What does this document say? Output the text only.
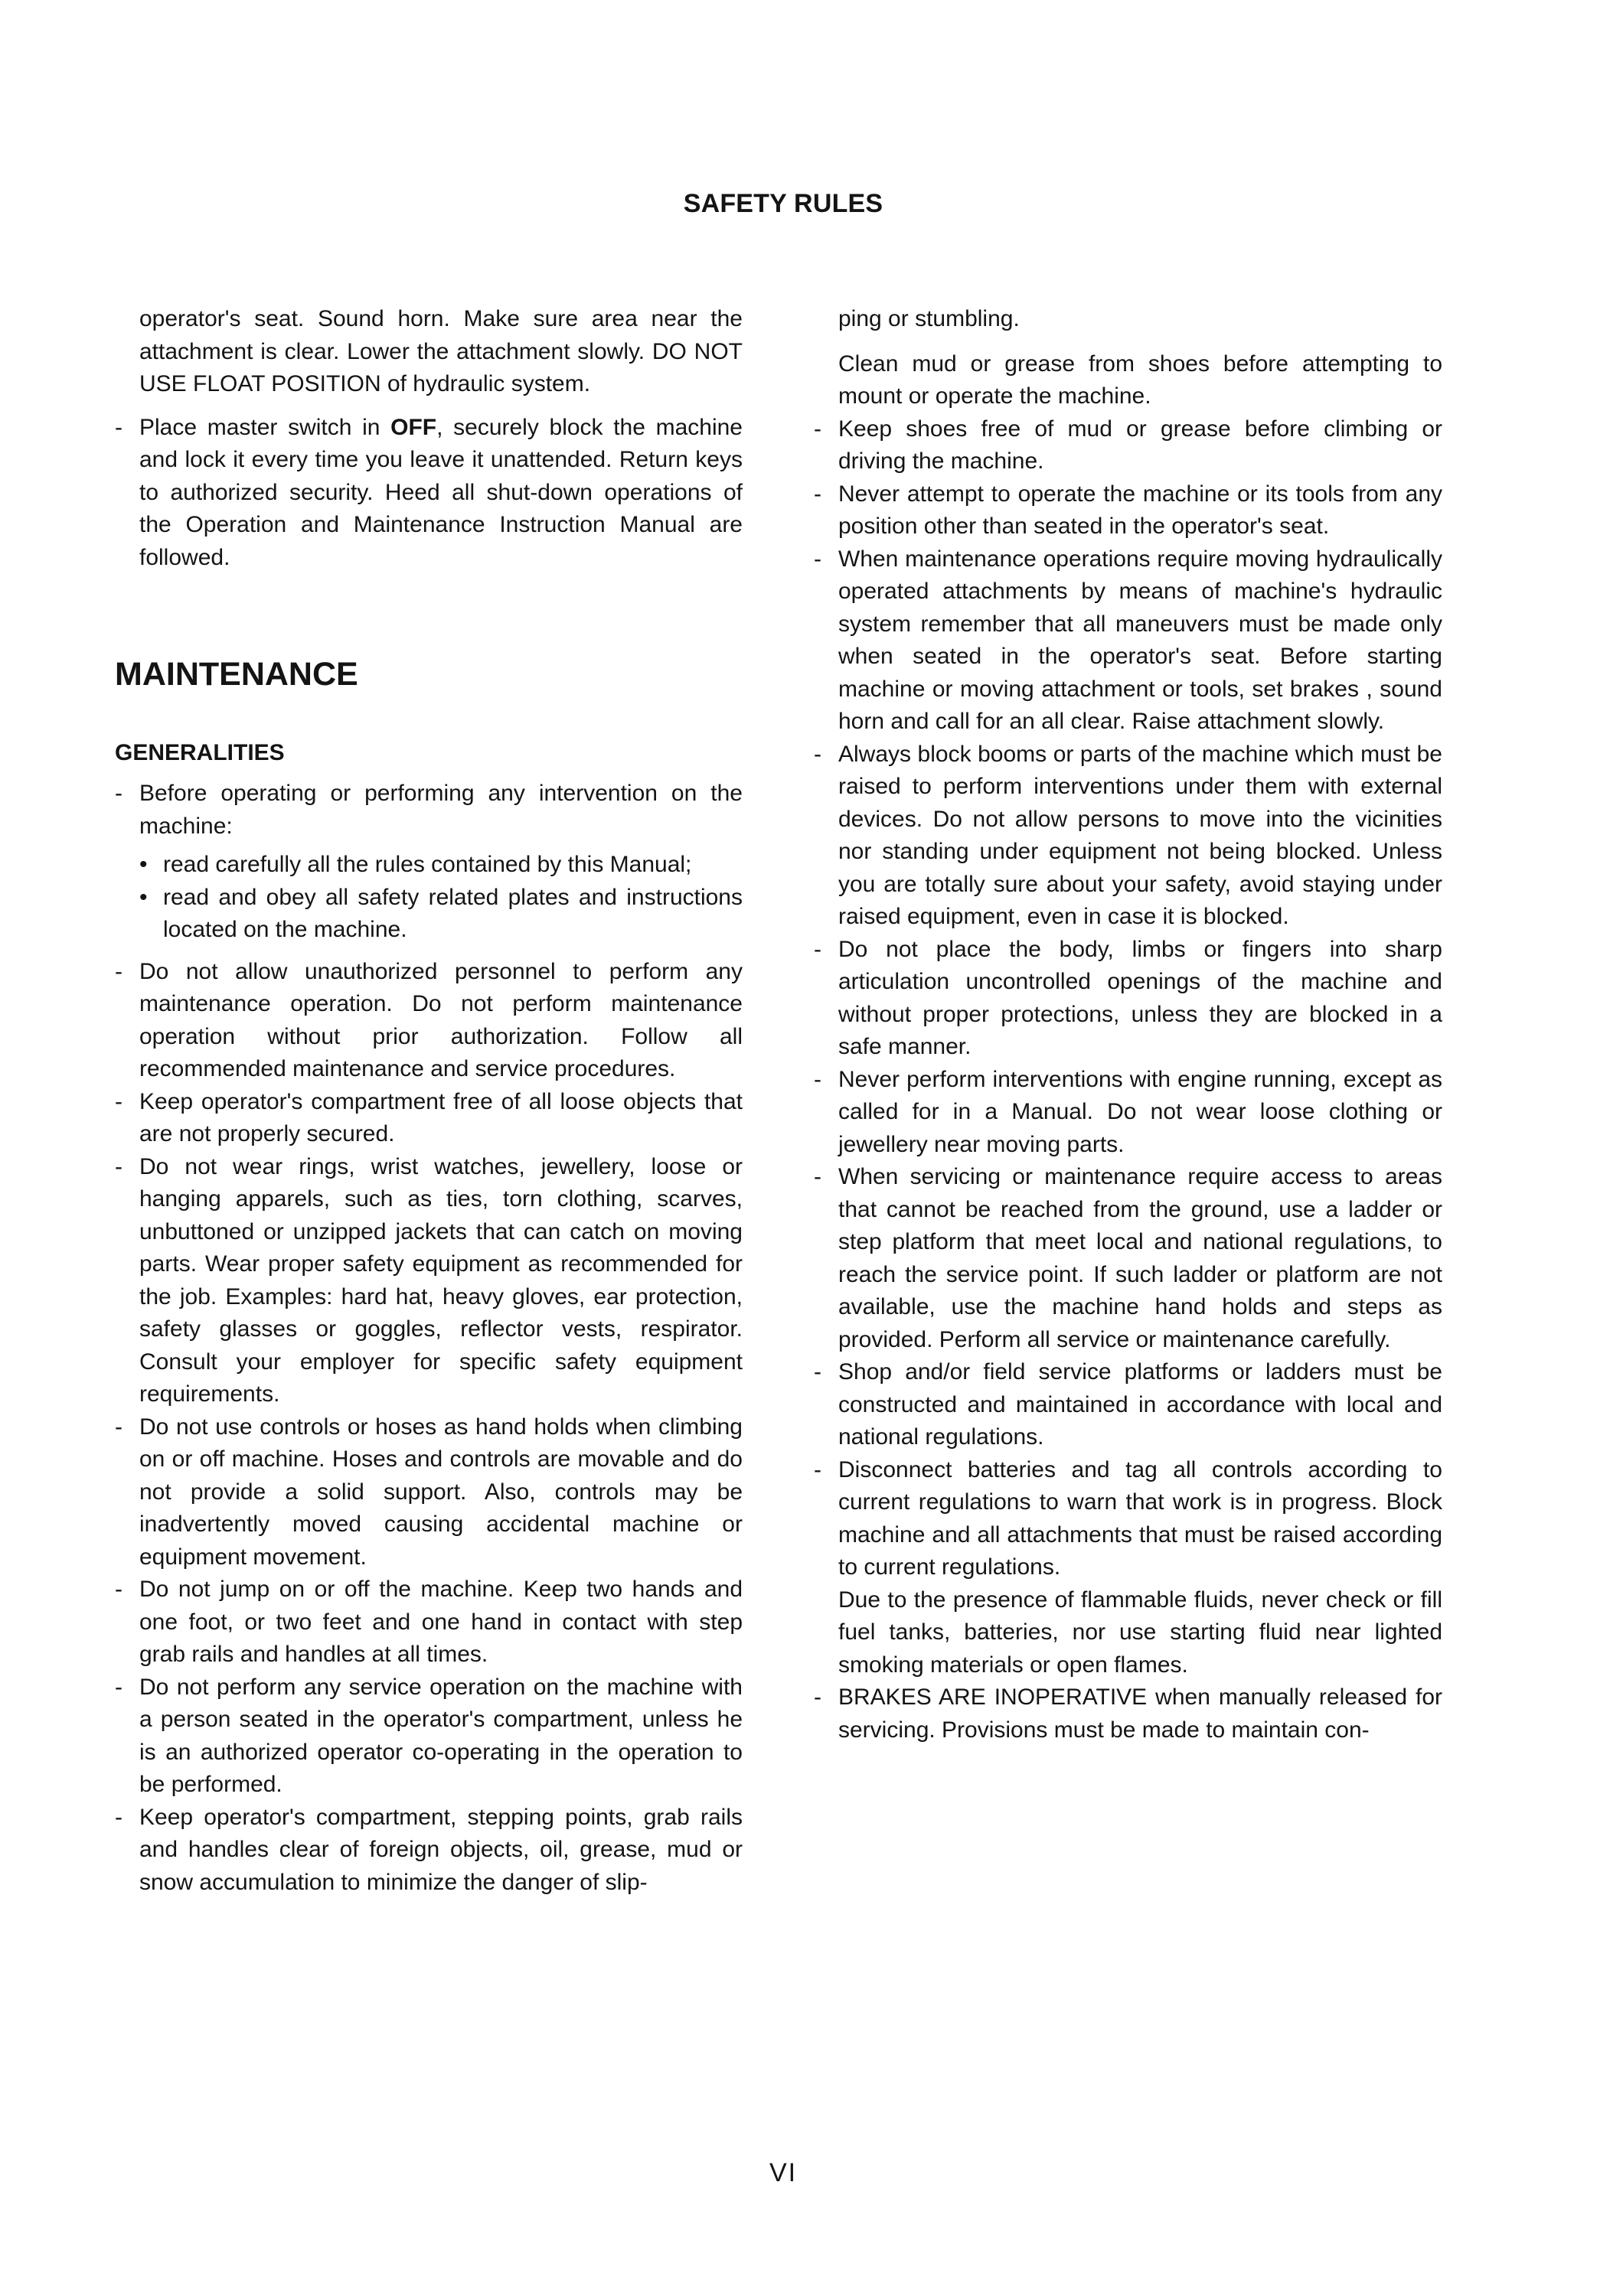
SAFETY RULES

operator's seat. Sound horn. Make sure area near the attachment is clear. Lower the attachment slowly. DO NOT USE FLOAT POSITION of hydraulic system.

- Place master switch in OFF, securely block the machine and lock it every time you leave it unattended. Return keys to authorized security. Heed all shut-down operations of the Operation and Maintenance Instruction Manual are followed.

MAINTENANCE
GENERALITIES

- Before operating or performing any intervention on the machine:

• read carefully all the rules contained by this Manual;

• read and obey all safety related plates and instructions located on the machine.

- Do not allow unauthorized personnel to perform any maintenance operation. Do not perform maintenance operation without prior authorization. Follow all recommended maintenance and service procedures.

- Keep operator's compartment free of all loose objects that are not properly secured.

- Do not wear rings, wrist watches, jewellery, loose or hanging apparels, such as ties, torn clothing, scarves, unbuttoned or unzipped jackets that can catch on moving parts. Wear proper safety equipment as recommended for the job. Examples: hard hat, heavy gloves, ear protection, safety glasses or goggles, reflector vests, respirator. Consult your employer for specific safety equipment requirements.

- Do not use controls or hoses as hand holds when climbing on or off machine. Hoses and controls are movable and do not provide a solid support. Also, controls may be inadvertently moved causing accidental machine or equipment movement.

- Do not jump on or off the machine. Keep two hands and one foot, or two feet and one hand in contact with step grab rails and handles at all times.

- Do not perform any service operation on the machine with a person seated in the operator's compartment, unless he is an authorized operator co-operating in the operation to be performed.

- Keep operator's compartment, stepping points, grab rails and handles clear of foreign objects, oil, grease, mud or snow accumulation to minimize the danger of slip-

ping or stumbling.

Clean mud or grease from shoes before attempting to mount or operate the machine.

- Keep shoes free of mud or grease before climbing or driving the machine.

- Never attempt to operate the machine or its tools from any position other than seated in the operator's seat.

- When maintenance operations require moving hydraulically operated attachments by means of machine's hydraulic system remember that all maneuvers must be made only when seated in the operator's seat. Before starting machine or moving attachment or tools, set brakes , sound horn and call for an all clear. Raise attachment slowly.

- Always block booms or parts of the machine which must be raised to perform interventions under them with external devices. Do not allow persons to move into the vicinities nor standing under equipment not being blocked. Unless you are totally sure about your safety, avoid staying under raised equipment, even in case it is blocked.

- Do not place the body, limbs or fingers into sharp articulation uncontrolled openings of the machine and without proper protections, unless they are blocked in a safe manner.

- Never perform interventions with engine running, except as called for in a Manual. Do not wear loose clothing or jewellery near moving parts.

- When servicing or maintenance require access to areas that cannot be reached from the ground, use a ladder or step platform that meet local and national regulations, to reach the service point. If such ladder or platform are not available, use the machine hand holds and steps as provided. Perform all service or maintenance carefully.

- Shop and/or field service platforms or ladders must be constructed and maintained in accordance with local and national regulations.

- Disconnect batteries and tag all controls according to current regulations to warn that work is in progress. Block machine and all attachments that must be raised according to current regulations.

Due to the presence of flammable fluids, never check or fill fuel tanks, batteries, nor use starting fluid near lighted smoking materials or open flames.

- BRAKES ARE INOPERATIVE when manually released for servicing. Provisions must be made to maintain con-

VI
